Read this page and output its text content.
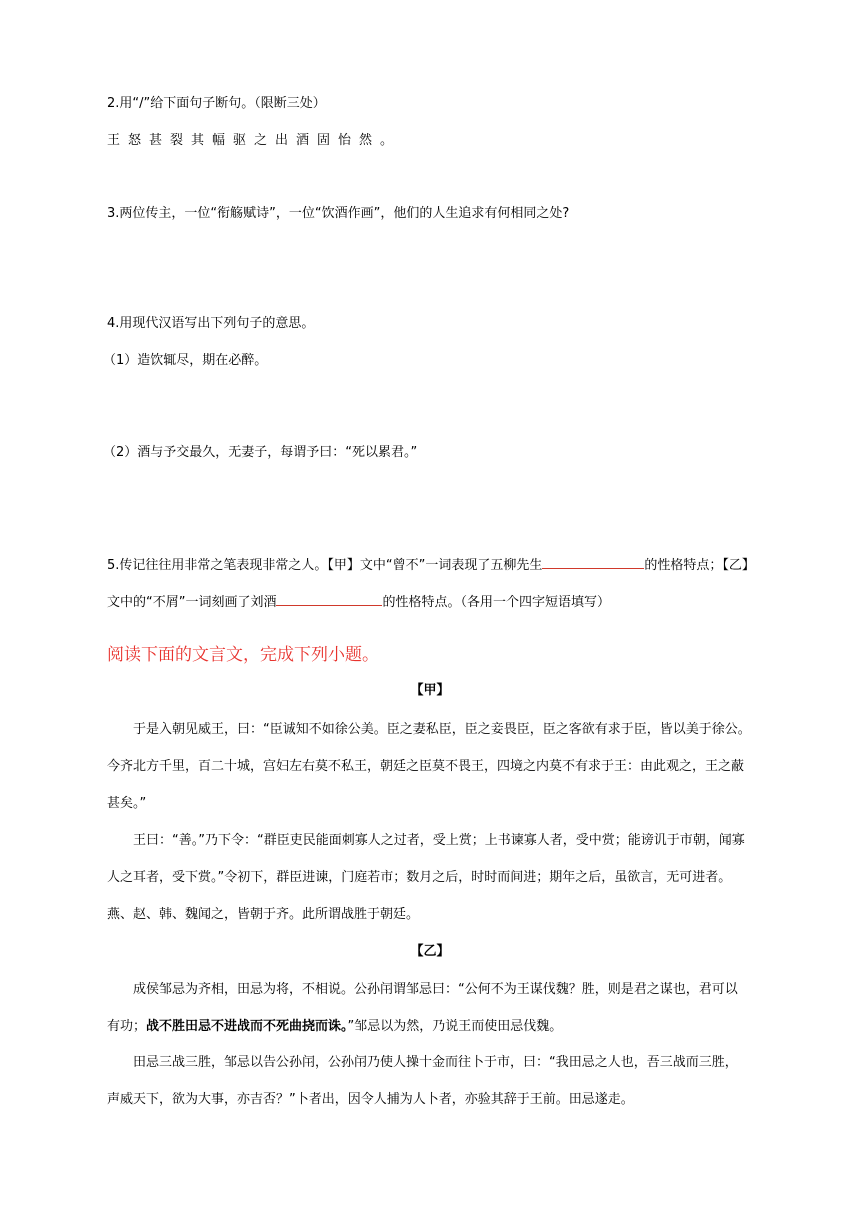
2.用“/”给下面句子断句。（限断三处）
王怒甚裂其幅驱之出酒固怡然。
3.两位传主，一位“衔觞赋诗”，一位“饮酒作画”，他们的人生追求有何相同之处?
4.用现代汉语写出下列句子的意思。
（1）造饮辄尽，期在必醉。
（2）酒与予交最久，无妻子，每谓予曰：“死以累君。”
5.传记往往用非常之笔表现非常之人。【甲】文中“曾不”一词表现了五柳先生	的性格特点；【乙】
文中的“不屑”一词刻画了刘酒	的性格特点。（各用一个四字短语填写）
阅读下面的文言文，完成下列小题。
【甲】
于是入朝见威王，曰：“臣诚知不如徐公美。臣之妻私臣，臣之妾畏臣，臣之客欲有求于臣，皆以美于徐公。
今齐北方千里，百二十城，宫妇左右莫不私王，朝廷之臣莫不畏王，四境之内莫不有求于王：由此观之，王之蔽
甚矣。”
王曰：“善。”乃下令：“群臣吏民能面刺寡人之过者，受上赏；上书谏寡人者，受中赏；能谤讥于市朝，闻寡
人之耳者，受下赏。”令初下，群臣进谏，门庭若市；数月之后，时时而间进；期年之后，虽欲言，无可进者。
燕、赵、韩、魏闻之，皆朝于齐。此所谓战胜于朝廷。
【乙】
成侯邹忌为齐相，田忌为将，不相说。公孙闬谓邹忌曰：“公何不为王谋伐魏？胜，则是君之谋也，君可以
有功；战不胜田忌不进战而不死曲挠而诛。”邹忌以为然，乃说王而使田忌伐魏。
田忌三战三胜，邹忌以告公孙闬，公孙闬乃使人操十金而往卜于市，曰：“我田忌之人也，吾三战而三胜，
声威天下，欲为大事，亦吉否？”卜者出，因令人捕为人卜者，亦验其辞于王前。田忌遂走。
